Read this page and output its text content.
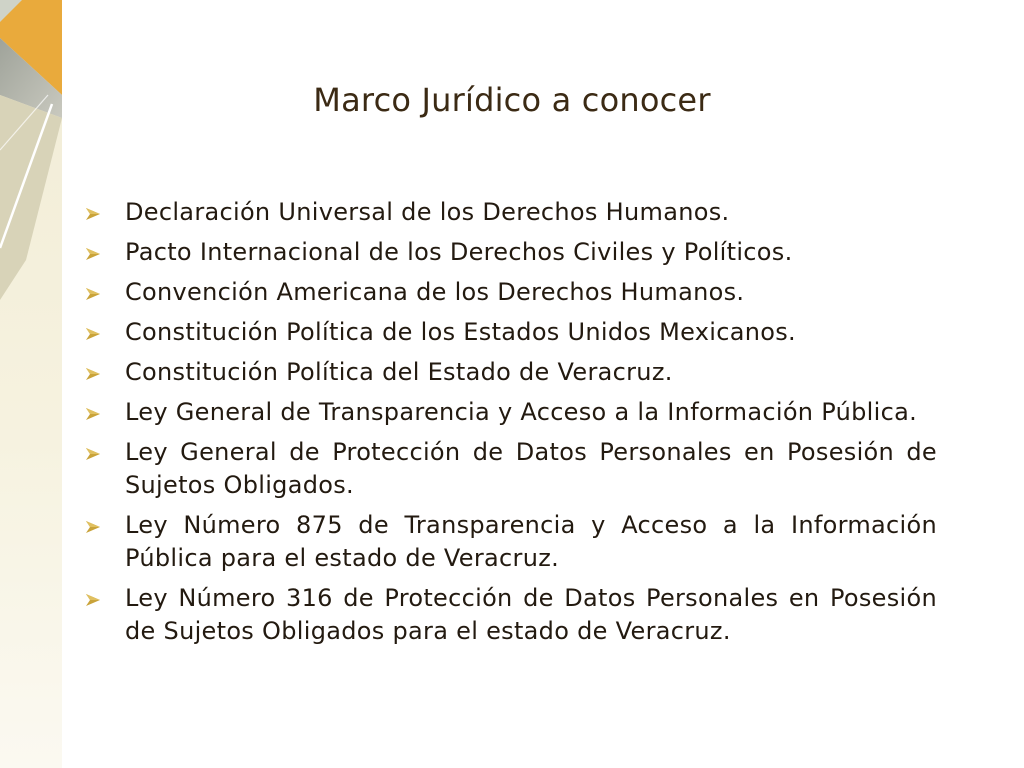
Marco Jurídico a conocer
Declaración Universal de los Derechos Humanos.
Pacto Internacional de los Derechos Civiles y Políticos.
Convención Americana de los Derechos Humanos.
Constitución Política de los Estados Unidos Mexicanos.
Constitución Política del Estado de Veracruz.
Ley General de Transparencia y Acceso a la Información Pública.
Ley General de Protección de Datos Personales en Posesión de Sujetos Obligados.
Ley Número 875 de Transparencia y Acceso a la Información Pública para el estado de Veracruz.
Ley Número 316 de Protección de Datos Personales en Posesión de Sujetos Obligados para el estado de Veracruz.
